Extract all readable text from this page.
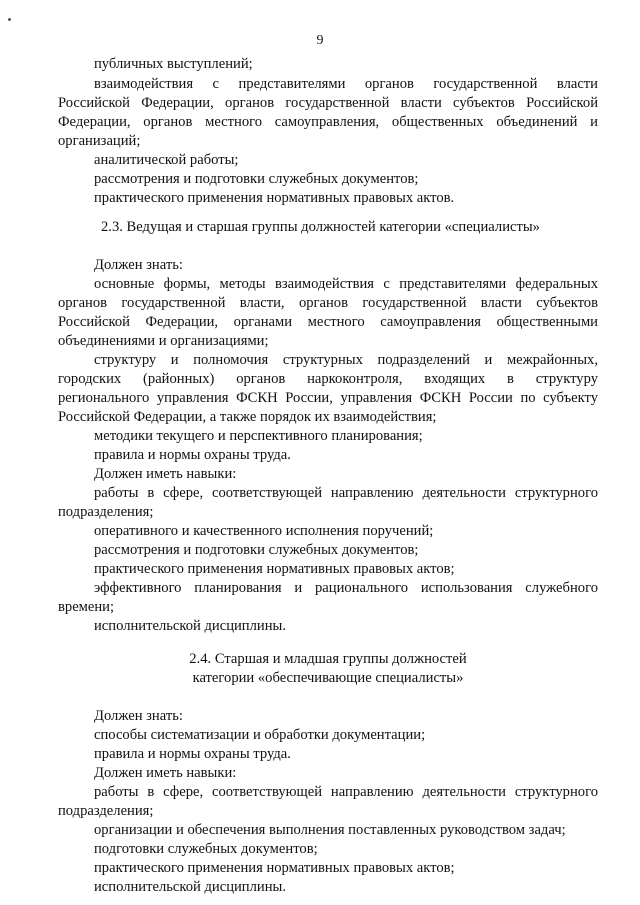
9
публичных выступлений;
взаимодействия с представителями органов государственной власти
Российской Федерации, органов государственной власти субъектов Российской
Федерации, органов местного самоуправления, общественных объединений и
организаций;
аналитической работы;
рассмотрения и подготовки служебных документов;
практического применения нормативных правовых актов.
2.3. Ведущая и старшая группы должностей категории «специалисты»
Должен знать:
основные формы, методы взаимодействия с представителями федеральных
органов государственной власти, органов государственной власти субъектов
Российской Федерации, органами местного самоуправления общественными
объединениями и организациями;
структуру и полномочия структурных подразделений и межрайонных,
городских (районных) органов наркоконтроля, входящих в структуру
регионального управления ФСКН России, управления ФСКН России по субъекту
Российской Федерации, а также порядок их взаимодействия;
методики текущего и перспективного планирования;
правила и нормы охраны труда.
Должен иметь навыки:
работы в сфере, соответствующей направлению деятельности структурного
подразделения;
оперативного и качественного исполнения поручений;
рассмотрения и подготовки служебных документов;
практического применения нормативных правовых актов;
эффективного планирования и рационального использования служебного
времени;
исполнительской дисциплины.
2.4. Старшая и младшая группы должностей
категории «обеспечивающие специалисты»
Должен знать:
способы систематизации и обработки документации;
правила и нормы охраны труда.
Должен иметь навыки:
работы в сфере, соответствующей направлению деятельности структурного
подразделения;
организации и обеспечения выполнения поставленных руководством задач;
подготовки служебных документов;
практического применения нормативных правовых актов;
исполнительской дисциплины.
